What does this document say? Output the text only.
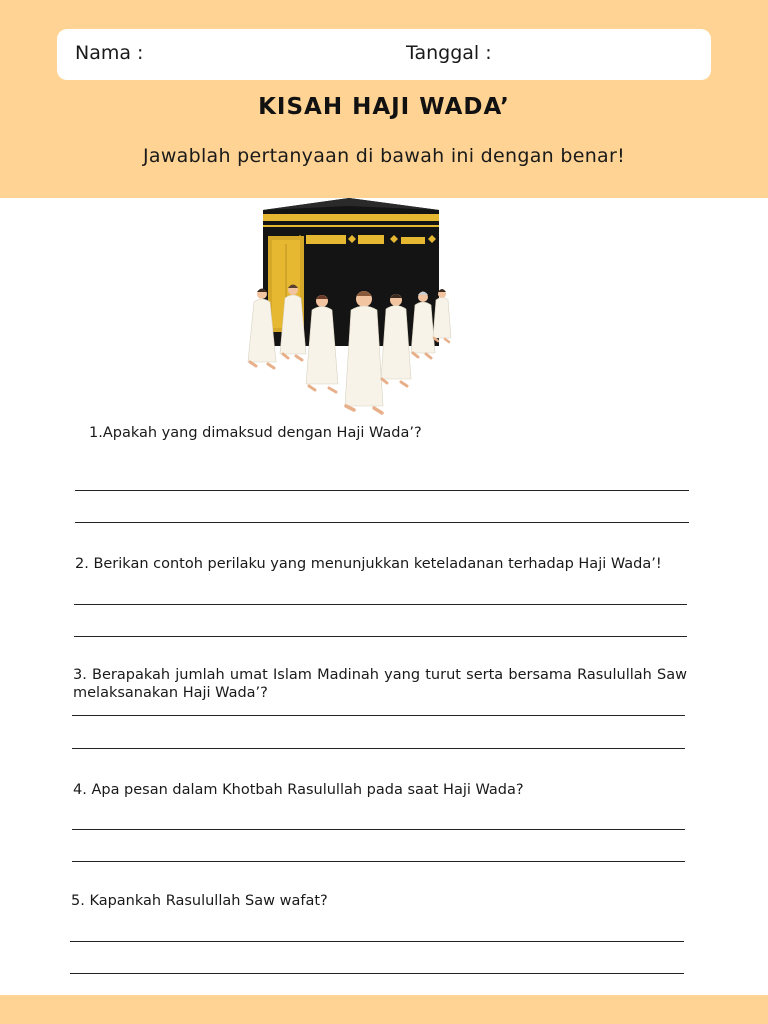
Nama :	Tanggal :
KISAH HAJI WADA’
Jawablah pertanyaan di bawah ini dengan benar!
1.Apakah yang dimaksud dengan Haji Wada’?
2. Berikan contoh perilaku yang menunjukkan keteladanan terhadap Haji Wada’!
3. Berapakah jumlah umat Islam Madinah yang turut serta bersama Rasulullah Saw melaksanakan Haji Wada’?
4. Apa pesan dalam Khotbah Rasulullah pada saat Haji Wada?
5. Kapankah Rasulullah Saw wafat?
